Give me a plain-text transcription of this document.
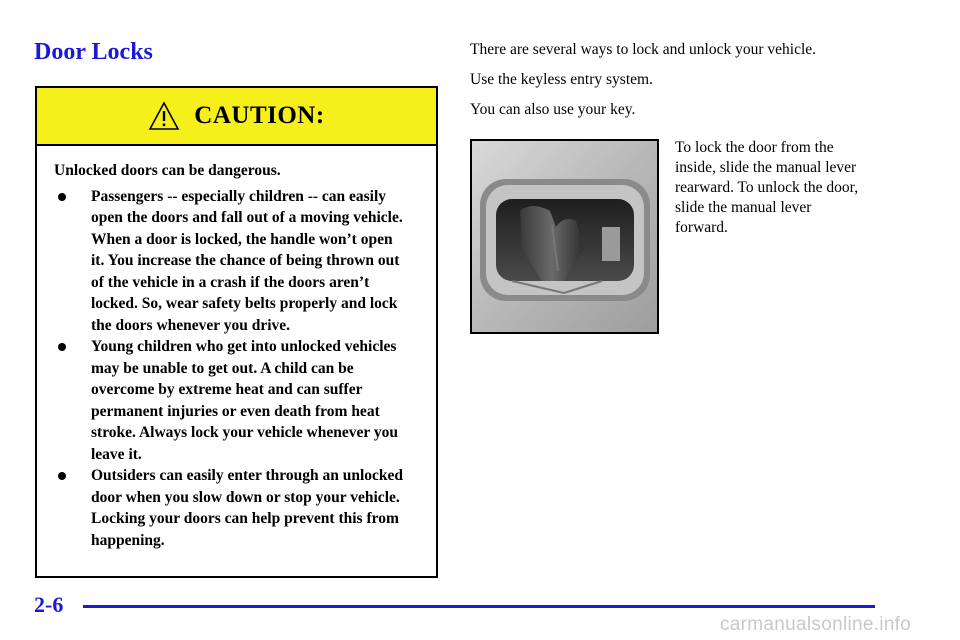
Door Locks
CAUTION:

Unlocked doors can be dangerous.

Passengers -- especially children -- can easily open the doors and fall out of a moving vehicle. When a door is locked, the handle won’t open it. You increase the chance of being thrown out of the vehicle in a crash if the doors aren’t locked. So, wear safety belts properly and lock the doors whenever you drive.
Young children who get into unlocked vehicles may be unable to get out. A child can be overcome by extreme heat and can suffer permanent injuries or even death from heat stroke. Always lock your vehicle whenever you leave it.
Outsiders can easily enter through an unlocked door when you slow down or stop your vehicle. Locking your doors can help prevent this from happening.

There are several ways to lock and unlock your vehicle.

Use the keyless entry system.

You can also use your key.

To lock the door from the inside, slide the manual lever rearward. To unlock the door, slide the manual lever forward.

2-6
carmanualsonline.info
